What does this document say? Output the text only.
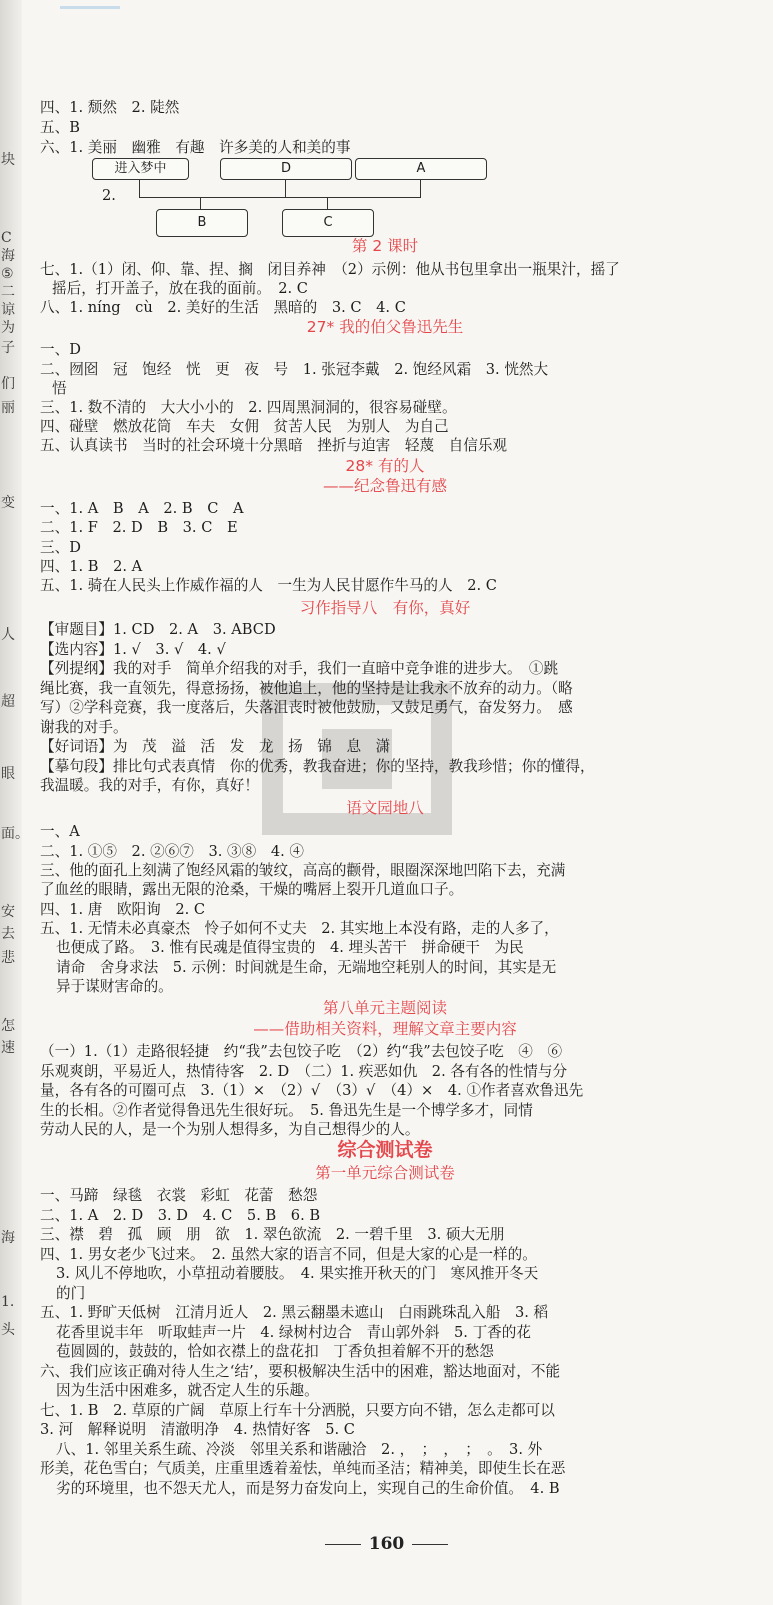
块
C
海
⑤
二
谅
为
子
们
丽
变
人
超
眼
面。
安
去
悲
怎
速
海
1.
头
四、1. 颓然　2. 陡然
五、B
六、1. 美丽　幽雅　有趣　许多美的人和美的事
进入梦中	D	A
B	C
2.
第 2 课时
七、1.（1）闭、仰、靠、捏、搁　闭目养神　（2）示例：他从书包里拿出一瓶果汁，摇了
摇后，打开盖子，放在我的面前。　2. C
八、1. níng　cù　2. 美好的生活　黑暗的　3. C　4. C
27* 我的伯父鲁迅先生
一、D
二、囫囵　冠　饱经　恍　更　夜　号　1. 张冠李戴　2. 饱经风霜　3. 恍然大
悟
三、1. 数不清的　大大小小的　2. 四周黑洞洞的，很容易碰壁。
四、碰壁　燃放花筒　车夫　女佣　贫苦人民　为别人　为自己
五、认真读书　当时的社会环境十分黑暗　挫折与迫害　轻蔑　自信乐观
28* 有的人
——纪念鲁迅有感
一、1. A　B　A　2. B　C　A
二、1. F　2. D　B　3. C　E
三、D
四、1. B　2. A
五、1. 骑在人民头上作威作福的人　一生为人民甘愿作牛马的人　2. C
习作指导八　有你，真好
【审题目】1. CD　2. A　3. ABCD
【选内容】1. √　3. √　4. √
【列提纲】我的对手　简单介绍我的对手，我们一直暗中竞争谁的进步大。　①跳
绳比赛，我一直领先，得意扬扬，被他追上，他的坚持是让我永不放弃的动力。（略
写）②学科竞赛，我一度落后，失落沮丧时被他鼓励，又鼓足勇气，奋发努力。　感
谢我的对手。
【好词语】为　茂　溢　活　发　龙　扬　锦　息　潇
【摹句段】排比句式表真情　你的优秀，教我奋进；你的坚持，教我珍惜；你的懂得，
我温暖。我的对手，有你，真好！
语文园地八
一、A
二、1. ①⑤　2. ②⑥⑦　3. ③⑧　4. ④
三、他的面孔上刻满了饱经风霜的皱纹，高高的颧骨，眼圈深深地凹陷下去，充满
了血丝的眼睛，露出无限的沧桑，干燥的嘴唇上裂开几道血口子。
四、1. 唐　欧阳询　2. C
五、1. 无情未必真豪杰　怜子如何不丈夫　2. 其实地上本没有路，走的人多了，
也便成了路。　3. 惟有民魂是值得宝贵的　4. 埋头苦干　拼命硬干　为民
请命　舍身求法　5. 示例：时间就是生命，无端地空耗别人的时间，其实是无
异于谋财害命的。
第八单元主题阅读
——借助相关资料，理解文章主要内容
（一）1.（1）走路很轻捷　约“我”去包饺子吃　（2）约“我”去包饺子吃　④　⑥
乐观爽朗，平易近人，热情待客　2. D　（二）1. 疾恶如仇　2. 各有各的性情与分
量，各有各的可圈可点　3.（1）×　（2）√　（3）√　（4）×　4. ①作者喜欢鲁迅先
生的长相。②作者觉得鲁迅先生很好玩。　5. 鲁迅先生是一个博学多才，同情
劳动人民的人，是一个为别人想得多，为自己想得少的人。
综合测试卷
第一单元综合测试卷
一、马蹄　绿毯　衣裳　彩虹　花蕾　愁怨
二、1. A　2. D　3. D　4. C　5. B　6. B
三、襟　碧　孤　顾　朋　欲　1. 翠色欲流　2. 一碧千里　3. 硕大无朋
四、1. 男女老少飞过来。　2. 虽然大家的语言不同，但是大家的心是一样的。
3. 风儿不停地吹，小草扭动着腰肢。　4. 果实推开秋天的门　寒风推开冬天
的门
五、1. 野旷天低树　江清月近人　2. 黑云翻墨未遮山　白雨跳珠乱入船　3. 稻
花香里说丰年　听取蛙声一片　4. 绿树村边合　青山郭外斜　5. 丁香的花
苞圆圆的，鼓鼓的，恰如衣襟上的盘花扣　丁香负担着解不开的愁怨
六、我们应该正确对待人生之‘结’，要积极解决生活中的困难，豁达地面对，不能
因为生活中困难多，就否定人生的乐趣。
七、1. B　2. 草原的广阔　草原上行车十分洒脱，只要方向不错，怎么走都可以
3. 河　解释说明　清澈明净　4. 热情好客　5. C
八、1. 邻里关系生疏、冷淡　邻里关系和谐融洽　2. ，　；　，　；　。　3. 外
形美，花色雪白；气质美，庄重里透着羞怯，单纯而圣洁；精神美，即使生长在恶
劣的环境里，也不怨天尤人，而是努力奋发向上，实现自己的生命价值。　4. B
160
